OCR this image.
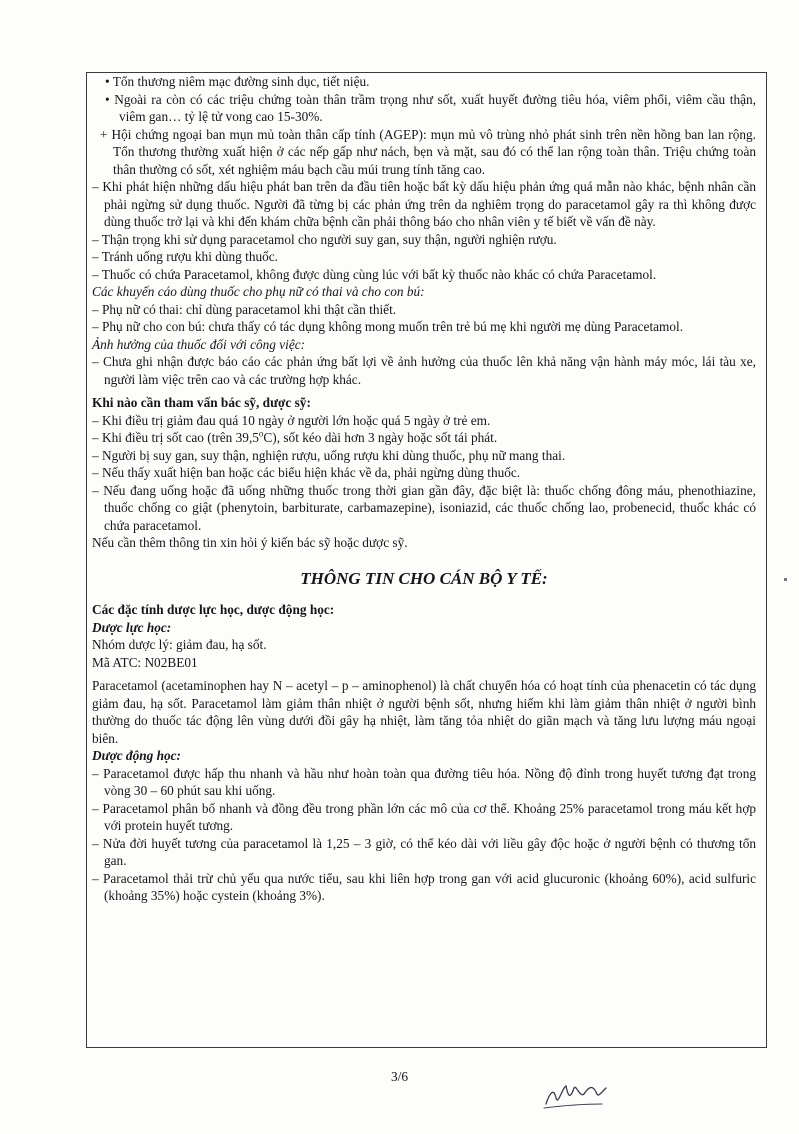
• Tổn thương niêm mạc đường sinh dục, tiết niệu.

• Ngoài ra còn có các triệu chứng toàn thân trầm trọng như sốt, xuất huyết đường tiêu hóa, viêm phổi, viêm cầu thận, viêm gan… tỷ lệ tử vong cao 15-30%.

+ Hội chứng ngoại ban mụn mủ toàn thân cấp tính (AGEP): mụn mủ vô trùng nhỏ phát sinh trên nền hồng ban lan rộng. Tổn thương thường xuất hiện ở các nếp gấp như nách, bẹn và mặt, sau đó có thể lan rộng toàn thân. Triệu chứng toàn thân thường có sốt, xét nghiệm máu bạch cầu múi trung tính tăng cao.

– Khi phát hiện những dấu hiệu phát ban trên da đầu tiên hoặc bất kỳ dấu hiệu phản ứng quá mẫn nào khác, bệnh nhân cần phải ngừng sử dụng thuốc. Người đã từng bị các phản ứng trên da nghiêm trọng do paracetamol gây ra thì không được dùng thuốc trở lại và khi đến khám chữa bệnh cần phải thông báo cho nhân viên y tế biết về vấn đề này.

– Thận trọng khi sử dụng paracetamol cho người suy gan, suy thận, người nghiện rượu.

– Tránh uống rượu khi dùng thuốc.

– Thuốc có chứa Paracetamol, không được dùng cùng lúc với bất kỳ thuốc nào khác có chứa Paracetamol.

Các khuyến cáo dùng thuốc cho phụ nữ có thai và cho con bú:

– Phụ nữ có thai: chỉ dùng paracetamol khi thật cần thiết.

– Phụ nữ cho con bú: chưa thấy có tác dụng không mong muốn trên trẻ bú mẹ khi người mẹ dùng Paracetamol.

Ảnh hưởng của thuốc đối với công việc:

– Chưa ghi nhận được báo cáo các phản ứng bất lợi về ảnh hưởng của thuốc lên khả năng vận hành máy móc, lái tàu xe, người làm việc trên cao và các trường hợp khác.

Khi nào cần tham vấn bác sỹ, dược sỹ:

– Khi điều trị giảm đau quá 10 ngày ở người lớn hoặc quá 5 ngày ở trẻ em.

– Khi điều trị sốt cao (trên 39,5$^o$C), sốt kéo dài hơn 3 ngày hoặc sốt tái phát.

– Người bị suy gan, suy thận, nghiện rượu, uống rượu khi dùng thuốc, phụ nữ mang thai.

– Nếu thấy xuất hiện ban hoặc các biểu hiện khác về da, phải ngừng dùng thuốc.

– Nếu đang uống hoặc đã uống những thuốc trong thời gian gần đây, đặc biệt là: thuốc chống đông máu, phenothiazine, thuốc chống co giật (phenytoin, barbiturate, carbamazepine), isoniazid, các thuốc chống lao, probenecid, thuốc khác có chứa paracetamol.

Nếu cần thêm thông tin xin hỏi ý kiến bác sỹ hoặc dược sỹ.

THÔNG TIN CHO CÁN BỘ Y TẾ:

Các đặc tính dược lực học, dược động học:

Dược lực học:

Nhóm dược lý: giảm đau, hạ sốt.

Mã ATC: N02BE01

Paracetamol (acetaminophen hay N – acetyl – p – aminophenol) là chất chuyển hóa có hoạt tính của phenacetin có tác dụng giảm đau, hạ sốt. Paracetamol làm giảm thân nhiệt ở người bệnh sốt, nhưng hiếm khi làm giảm thân nhiệt ở người bình thường do thuốc tác động lên vùng dưới đồi gây hạ nhiệt, làm tăng tỏa nhiệt do giãn mạch và tăng lưu lượng máu ngoại biên.

Dược động học:

– Paracetamol được hấp thu nhanh và hầu như hoàn toàn qua đường tiêu hóa. Nồng độ đỉnh trong huyết tương đạt trong vòng 30 – 60 phút sau khi uống.

– Paracetamol phân bố nhanh và đồng đều trong phần lớn các mô của cơ thể. Khoảng 25% paracetamol trong máu kết hợp với protein huyết tương.

– Nửa đời huyết tương của paracetamol là 1,25 – 3 giờ, có thể kéo dài với liều gây độc hoặc ở người bệnh có thương tổn gan.

– Paracetamol thải trừ chủ yếu qua nước tiểu, sau khi liên hợp trong gan với acid glucuronic (khoảng 60%), acid sulfuric (khoảng 35%) hoặc cystein (khoảng 3%).

3/6
